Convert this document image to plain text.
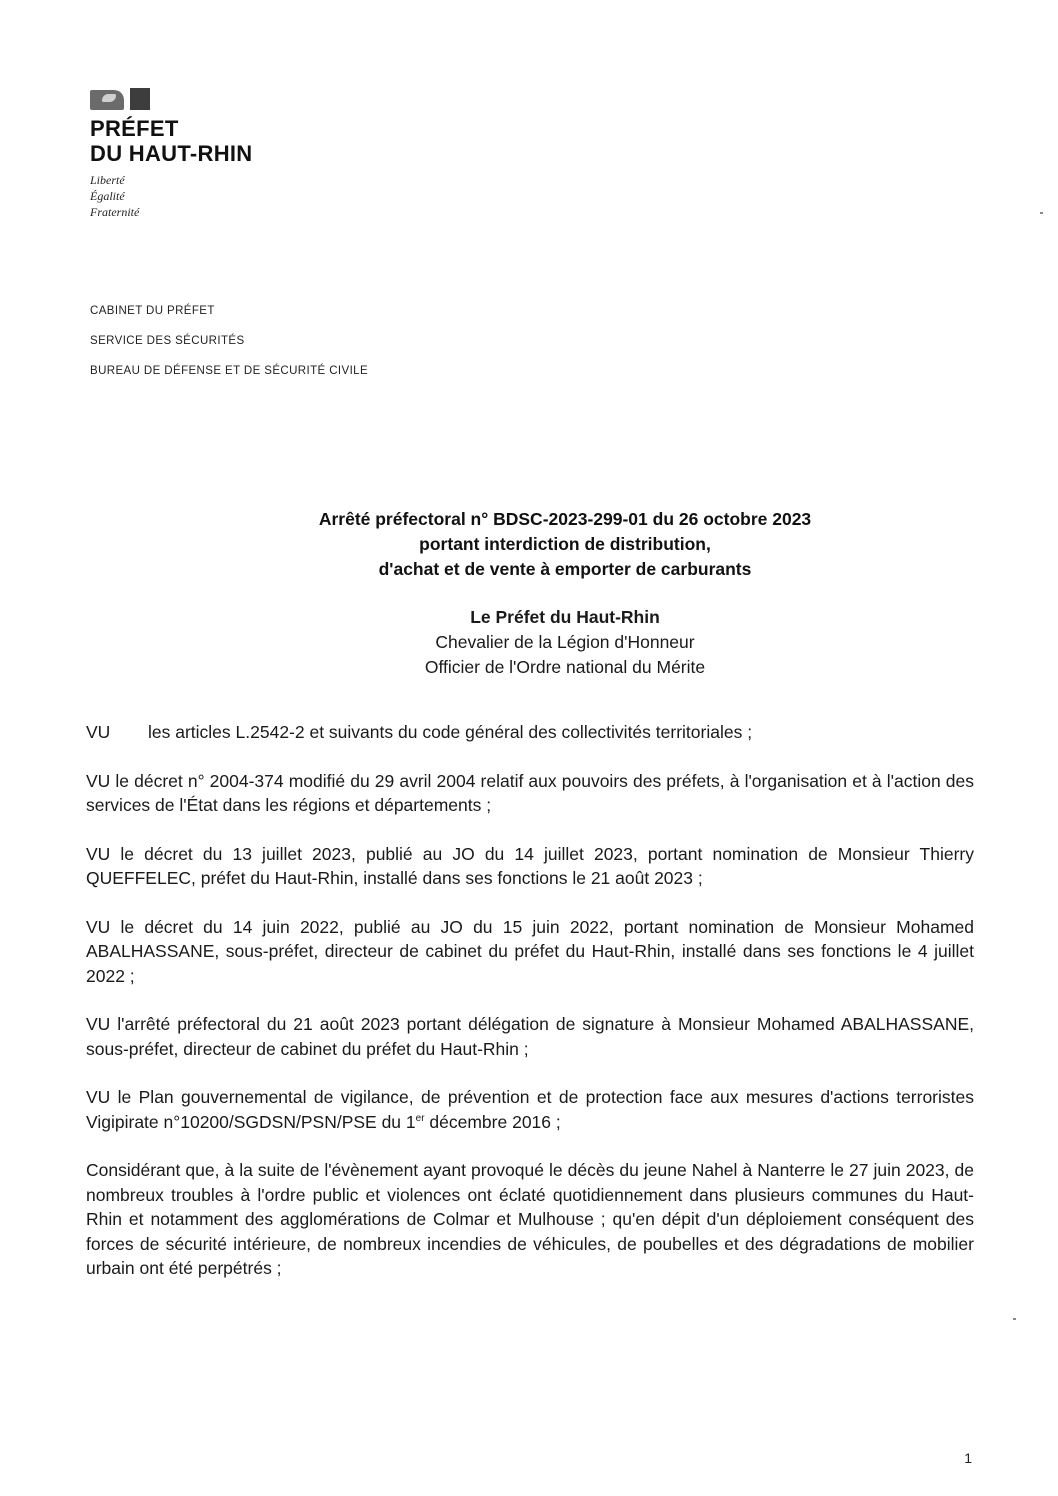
PRÉFET
DU HAUT-RHIN
Liberté
Égalité
Fraternité
CABINET DU PRÉFET
SERVICE DES SÉCURITÉS
BUREAU DE DÉFENSE ET DE SÉCURITÉ CIVILE
Arrêté préfectoral n° BDSC-2023-299-01 du 26 octobre 2023
portant interdiction de distribution,
d'achat et de vente à emporter de carburants
Le Préfet du Haut-Rhin
Chevalier de la Légion d'Honneur
Officier de l'Ordre national du Mérite

VU les articles L.2542-2 et suivants du code général des collectivités territoriales ;

VU le décret n° 2004-374 modifié du 29 avril 2004 relatif aux pouvoirs des préfets, à l'organisation et à l'action des services de l'État dans les régions et départements ;

VU le décret du 13 juillet 2023, publié au JO du 14 juillet 2023, portant nomination de Monsieur Thierry QUEFFELEC, préfet du Haut-Rhin, installé dans ses fonctions le 21 août 2023 ;

VU le décret du 14 juin 2022, publié au JO du 15 juin 2022, portant nomination de Monsieur Mohamed ABALHASSANE, sous-préfet, directeur de cabinet du préfet du Haut-Rhin, installé dans ses fonctions le 4 juillet 2022 ;

VU l'arrêté préfectoral du 21 août 2023 portant délégation de signature à Monsieur Mohamed ABALHASSANE, sous-préfet, directeur de cabinet du préfet du Haut-Rhin ;

VU le Plan gouvernemental de vigilance, de prévention et de protection face aux mesures d'actions terroristes Vigipirate n°10200/SGDSN/PSN/PSE du 1er décembre 2016 ;

Considérant que, à la suite de l'évènement ayant provoqué le décès du jeune Nahel à Nanterre le 27 juin 2023, de nombreux troubles à l'ordre public et violences ont éclaté quotidiennement dans plusieurs communes du Haut-Rhin et notamment des agglomérations de Colmar et Mulhouse ; qu'en dépit d'un déploiement conséquent des forces de sécurité intérieure, de nombreux incendies de véhicules, de poubelles et des dégradations de mobilier urbain ont été perpétrés ;

1
